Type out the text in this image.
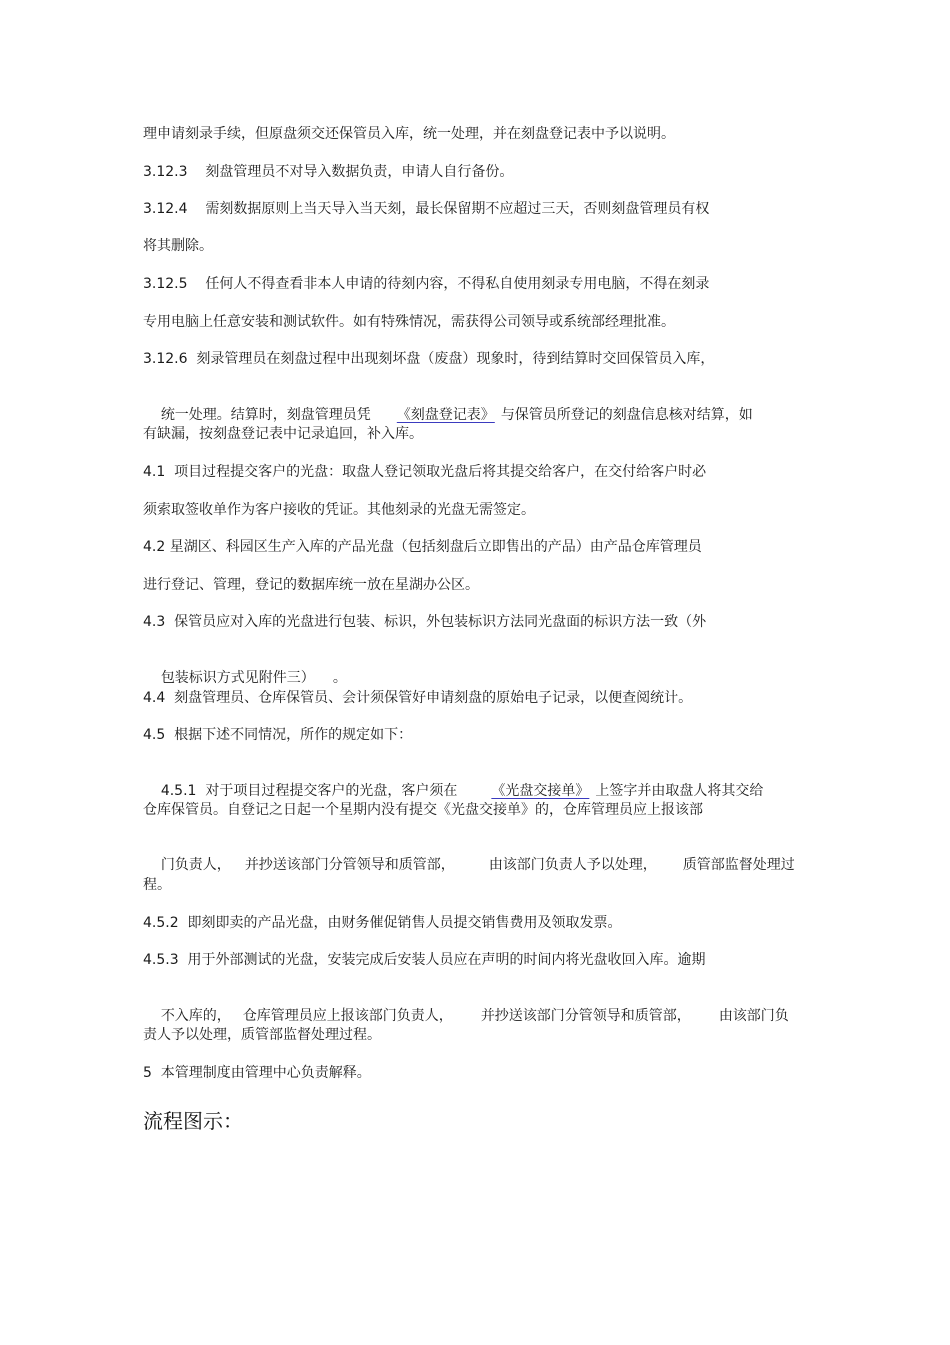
理申请刻录手续，但原盘须交还保管员入库，统一处理，并在刻盘登记表中予以说明。
3.12.3    刻盘管理员不对导入数据负责，申请人自行备份。
3.12.4    需刻数据原则上当天导入当天刻，最长保留期不应超过三天，否则刻盘管理员有权
将其删除。
3.12.5    任何人不得查看非本人申请的待刻内容，不得私自使用刻录专用电脑，不得在刻录
专用电脑上任意安装和测试软件。如有特殊情况，需获得公司领导或系统部经理批准。
3.12.6  刻录管理员在刻盘过程中出现刻坏盘（废盘）现象时，待到结算时交回保管员入库，

统一处理。结算时，刻盘管理员凭 《刻盘登记表》 与保管员所登记的刻盘信息核对结算，如

有缺漏，按刻盘登记表中记录追回，补入库。
4.1  项目过程提交客户的光盘：取盘人登记领取光盘后将其提交给客户，在交付给客户时必
须索取签收单作为客户接收的凭证。其他刻录的光盘无需签定。
4.2 星湖区、科园区生产入库的产品光盘（包括刻盘后立即售出的产品）由产品仓库管理员
进行登记、管理，登记的数据库统一放在星湖办公区。
4.3  保管员应对入库的光盘进行包装、标识，外包装标识方法同光盘面的标识方法一致（外

包装标识方式见附件三） 。

4.4  刻盘管理员、仓库保管员、会计须保管好申请刻盘的原始电子记录，以便查阅统计。
4.5  根据下述不同情况，所作的规定如下：

4.5.1  对于项目过程提交客户的光盘，客户须在 《光盘交接单》 上签字并由取盘人将其交给

仓库保管员。自登记之日起一个星期内没有提交《光盘交接单》的，仓库管理员应上报该部

门负责人， 并抄送该部门分管领导和质管部， 由该部门负责人予以处理， 质管部监督处理过

程。
4.5.2  即刻即卖的产品光盘，由财务催促销售人员提交销售费用及领取发票。
4.5.3  用于外部测试的光盘，安装完成后安装人员应在声明的时间内将光盘收回入库。逾期

不入库的， 仓库管理员应上报该部门负责人， 并抄送该部门分管领导和质管部， 由该部门负

责人予以处理，质管部监督处理过程。
5  本管理制度由管理中心负责解释。
流程图示：
